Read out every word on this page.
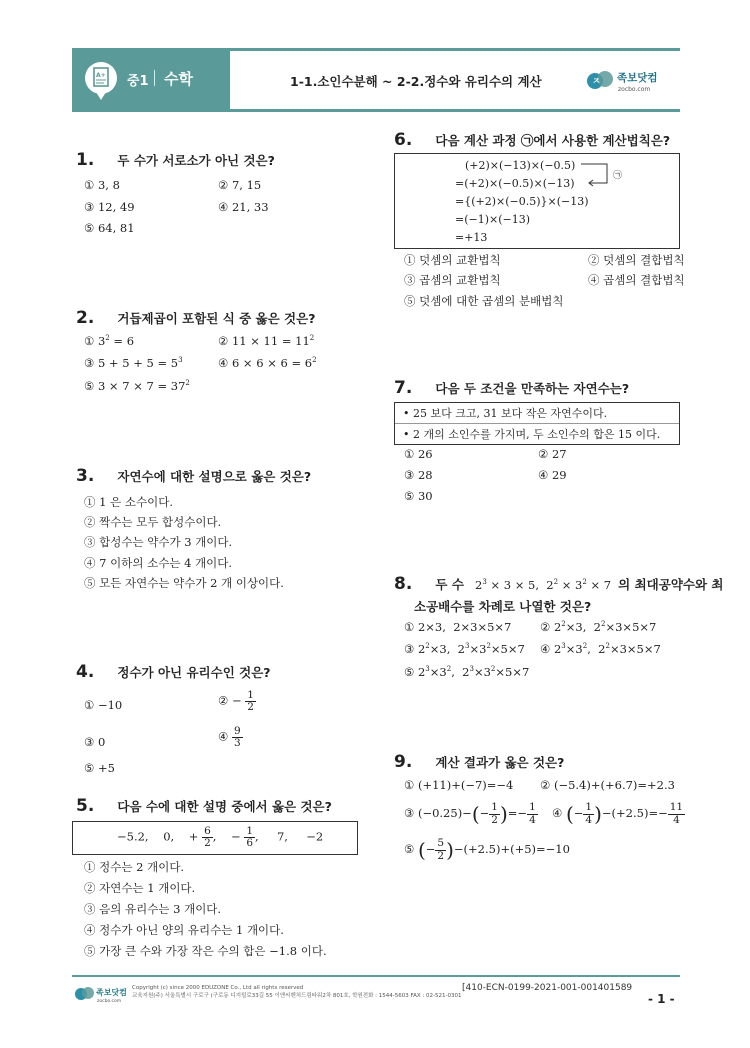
A+ 중1 수학	1-1.소인수분해 ~ 2-2.정수와 유리수의 계산	ㅈ 족보닷컴
zocbo.com
1. 두 수가 서로소가 아닌 것은?
① 3, 8	② 7, 15
③ 12, 49	④ 21, 33
⑤ 64, 81
2. 거듭제곱이 포함된 식 중 옳은 것은?
① $3^2 = 6$	② $11 \times 11 = 11^2$
③ $5 + 5 + 5 = 5^3$	④ $6 \times 6 \times 6 = 6^2$
⑤ $3 \times 7 \times 7 = 37^2$
3. 자연수에 대한 설명으로 옳은 것은?
① 1 은 소수이다.
② 짝수는 모두 합성수이다.
③ 합성수는 약수가 3 개이다.
④ 7 이하의 소수는 4 개이다.
⑤ 모든 자연수는 약수가 2 개 이상이다.
4. 정수가 아닌 유리수인 것은?
① −10	② − $\frac{1}{2}$
③ 0	④ $\frac{9}{3}$
⑤ +5
5. 다음 수에 대한 설명 중에서 옳은 것은?
−5.2,    0,    + $\frac{6}{2}$ ,    − $\frac{1}{6}$ ,     7,     −2
① 정수는 2 개이다.
② 자연수는 1 개이다.
③ 음의 유리수는 3 개이다.
④ 정수가 아닌 양의 유리수는 1 개이다.
⑤ 가장 큰 수와 가장 작은 수의 합은 −1.8 이다.
6. 다음 계산 과정 ㉠에서 사용한 계산법칙은?
(+2)×(−13)×(−0.5)
=(+2)×(−0.5)×(−13)
={(+2)×(−0.5)}×(−13)
=(−1)×(−13)
=+13
㉠
① 덧셈의 교환법칙	② 덧셈의 결합법칙
③ 곱셈의 교환법칙	④ 곱셈의 결합법칙
⑤ 덧셈에 대한 곱셈의 분배법칙
7. 다음 두 조건을 만족하는 자연수는?
• 25 보다 크고, 31 보다 작은 자연수이다.
• 2 개의 소인수를 가지며, 두 소인수의 합은 15 이다.
① 26	② 27
③ 28	④ 29
⑤ 30
8. 두 수 $2^3 \times 3 \times 5$,  $2^2 \times 3^2 \times 7$ 의 최대공약수와 최
소공배수를 차례로 나열한 것은?
① 2×3,  2×3×5×7 ② $2^2\times 3$,  $2^2\times 3\times 5\times 7$
③ $2^2\times 3$,  $2^3\times 3^2\times 5\times 7$ ④ $2^3\times 3^2$,  $2^2\times 3\times 5\times 7$
⑤ $2^3\times 3^2$,  $2^3\times 3^2\times 5\times 7$
9. 계산 결과가 옳은 것은?
① (+11)+(−7)=−4 ② (−5.4)+(+6.7)=+2.3
③ $(-0.25)-(- \frac{1}{2}$ )=− $\frac{1}{4}$ ④ (− $\frac{1}{4} )-(+2.5)=- \frac{11}{4}$
⑤ (− $\frac{5}{2} )-(+2.5)+(+5)=-10$
족보닷컴
zocbo.com
Copyright (c) since 2000 EDUZONE Co., Ltd all rights reserved
교육지원(주) 서울특별시 구로구 (구로동 디지털로33길 55 이앤씨벤처드림타워2차 801호, 학원전화 : 1544-5603 FAX : 02-521-0301
[410-ECN-0199-2021-001-001401589
- 1 -
